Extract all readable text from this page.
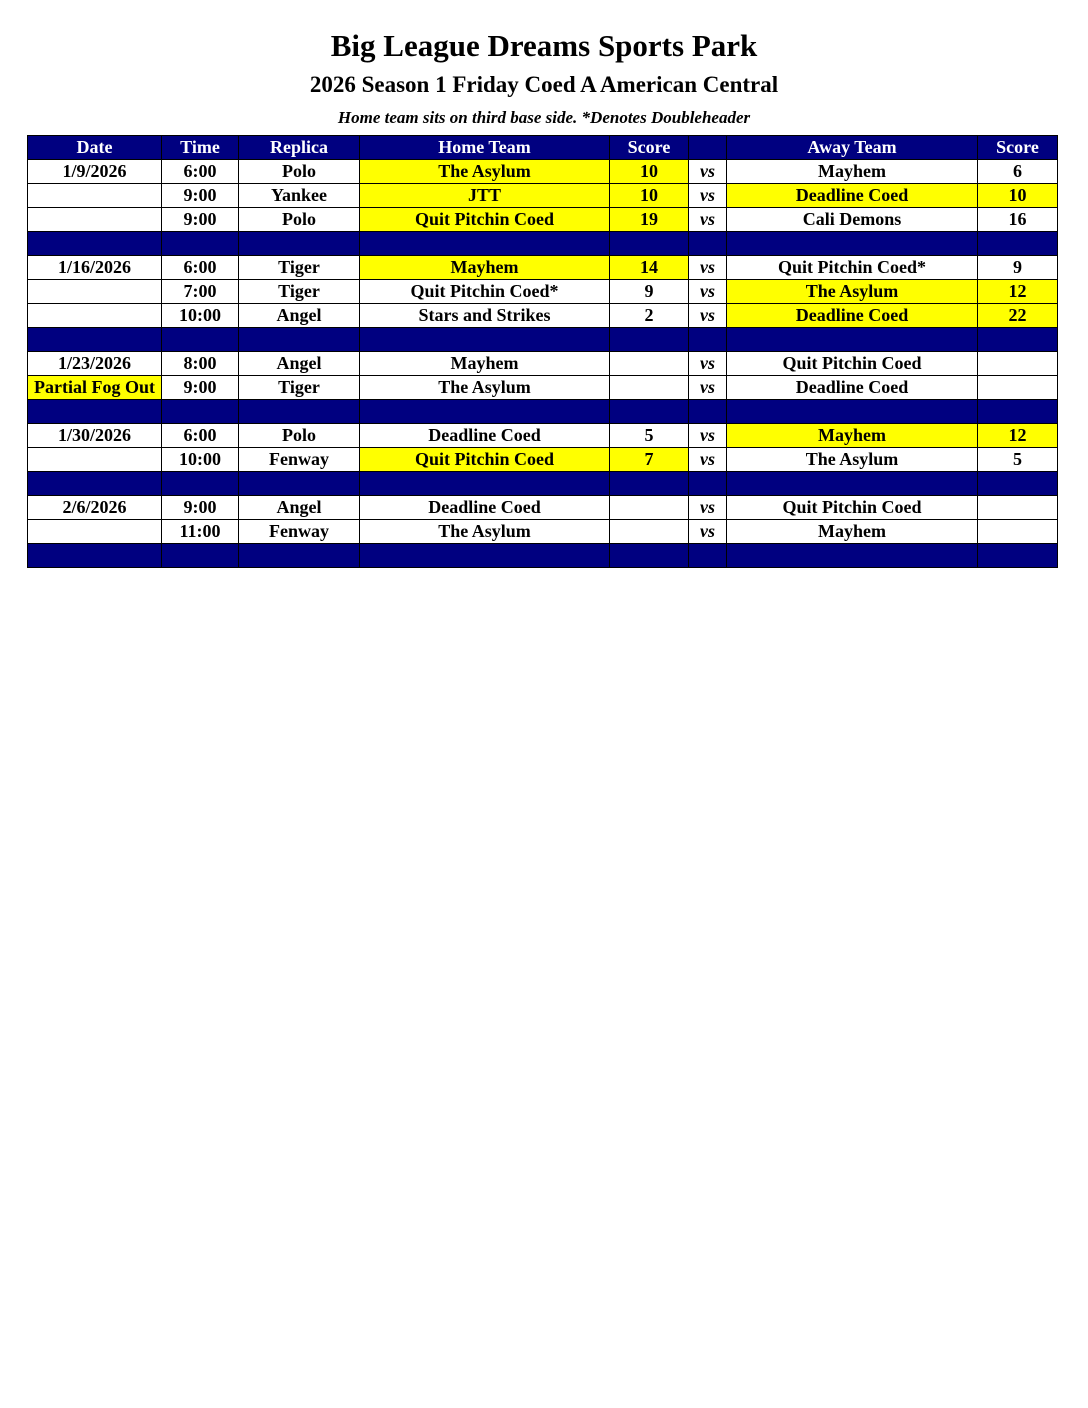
Big League Dreams Sports Park
2026 Season 1 Friday Coed A American Central
Home team sits on third base side. *Denotes Doubleheader
Date	Time	Replica	Home Team	Score		Away Team	Score
1/9/2026	6:00	Polo	The Asylum	10	vs	Mayhem	6
	9:00	Yankee	JTT	10	vs	Deadline Coed	10
	9:00	Polo	Quit Pitchin Coed	19	vs	Cali Demons	16

1/16/2026	6:00	Tiger	Mayhem	14	vs	Quit Pitchin Coed*	9
	7:00	Tiger	Quit Pitchin Coed*	9	vs	The Asylum	12
	10:00	Angel	Stars and Strikes	2	vs	Deadline Coed	22

1/23/2026	8:00	Angel	Mayhem		vs	Quit Pitchin Coed	
Partial Fog Out	9:00	Tiger	The Asylum		vs	Deadline Coed	

1/30/2026	6:00	Polo	Deadline Coed	5	vs	Mayhem	12
	10:00	Fenway	Quit Pitchin Coed	7	vs	The Asylum	5

2/6/2026	9:00	Angel	Deadline Coed		vs	Quit Pitchin Coed	
	11:00	Fenway	The Asylum		vs	Mayhem	
